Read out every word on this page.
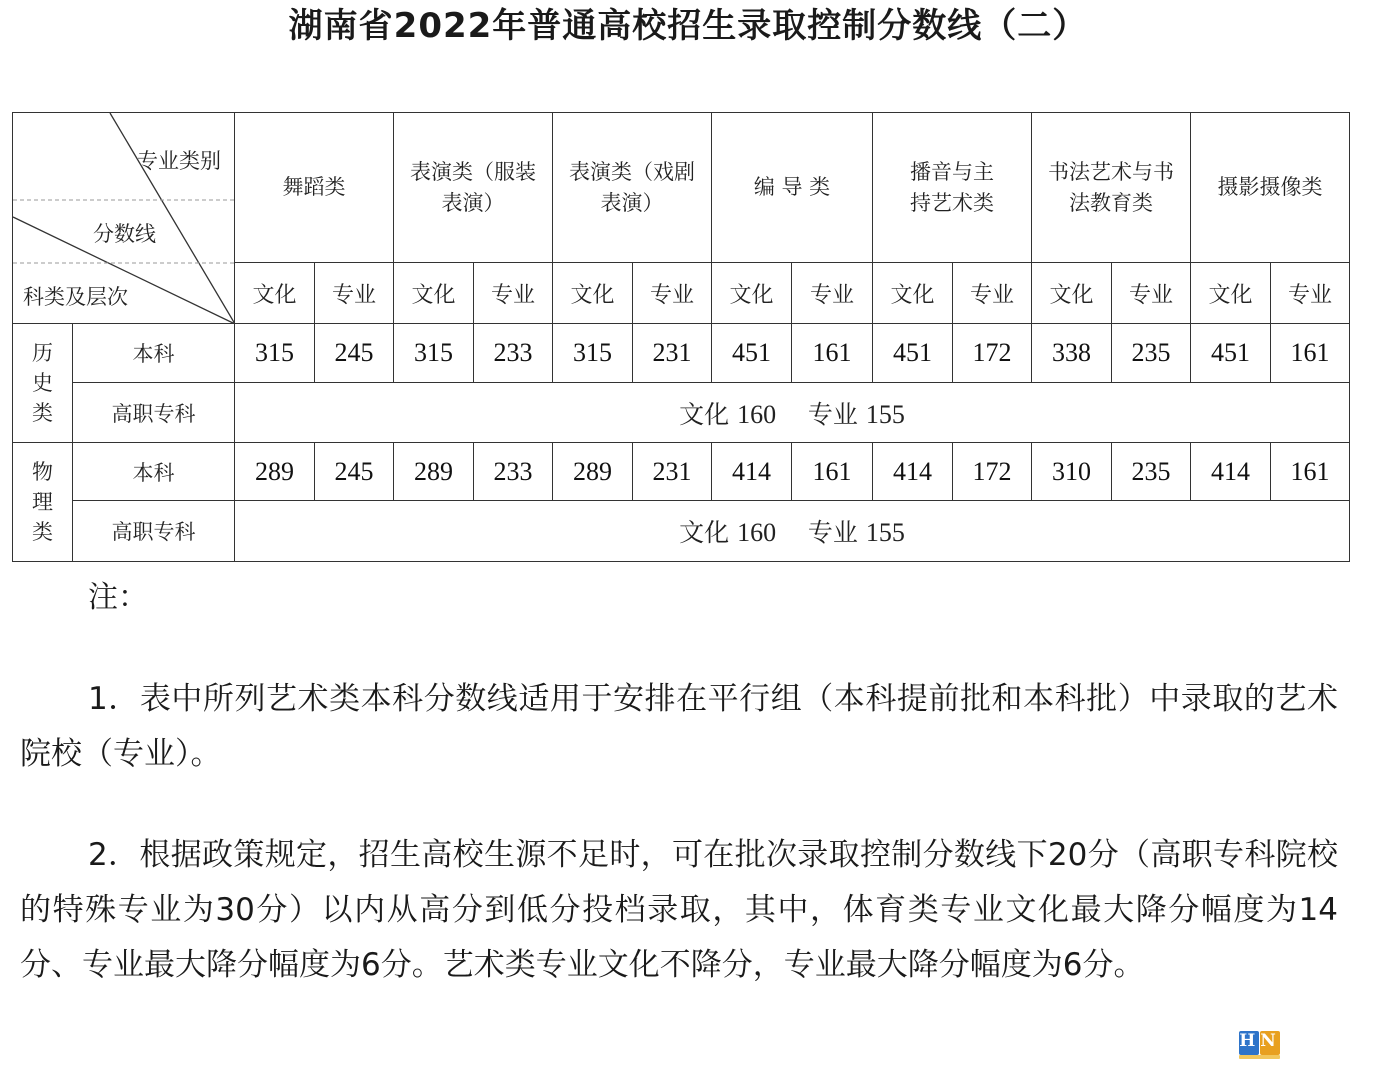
湖南省2022年普通高校招生录取控制分数线（二）
专业类别
分数线
科类及层次		舞蹈类		表演类（服装表演）		表演类（戏剧表演）		编 导 类		播音与主持艺术类		书法艺术与书法教育类		摄影摄像类	
		文化	专业	文化	专业	文化	专业	文化	专业	文化	专业	文化	专业	文化	专业
历史类	本科	315	245	315	233	315	231	451	161	451	172	338	235	451	161
	高职专科	文化 160 专业 155													
物理类	本科	289	245	289	233	289	231	414	161	414	172	310	235	414	161
	高职专科	文化 160 专业 155													
注：

1．表中所列艺术类本科分数线适用于安排在平行组（本科提前批和本科批）中录取的艺术院校（专业）。

2．根据政策规定，招生高校生源不足时，可在批次录取控制分数线下20分（高职专科院校的特殊专业为30分）以内从高分到低分投档录取，其中，体育类专业文化最大降分幅度为14分、专业最大降分幅度为6分。艺术类专业文化不降分，专业最大降分幅度为6分。

HN
